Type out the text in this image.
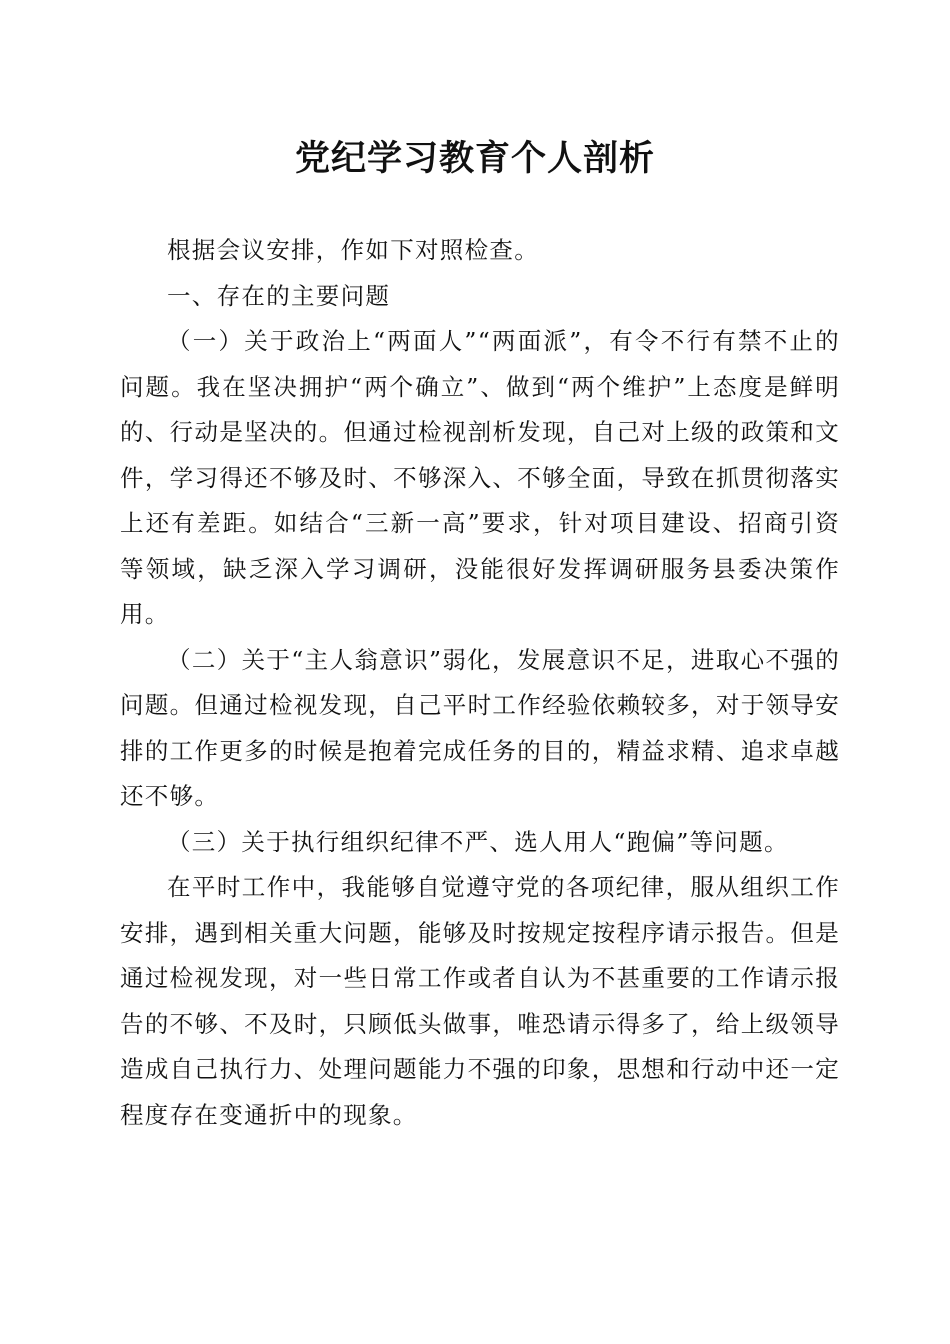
党纪学习教育个人剖析

根据会议安排，作如下对照检查。

一、存在的主要问题

（一）关于政治上“两面人”“两面派”，有令不行有禁不止的问题。我在坚决拥护“两个确立”、做到“两个维护”上态度是鲜明的、行动是坚决的。但通过检视剖析发现，自己对上级的政策和文件，学习得还不够及时、不够深入、不够全面，导致在抓贯彻落实上还有差距。如结合“三新一高”要求，针对项目建设、招商引资等领域，缺乏深入学习调研，没能很好发挥调研服务县委决策作用。

（二）关于“主人翁意识”弱化，发展意识不足，进取心不强的问题。但通过检视发现，自己平时工作经验依赖较多，对于领导安排的工作更多的时候是抱着完成任务的目的，精益求精、追求卓越还不够。

（三）关于执行组织纪律不严、选人用人“跑偏”等问题。

在平时工作中，我能够自觉遵守党的各项纪律，服从组织工作安排，遇到相关重大问题，能够及时按规定按程序请示报告。但是通过检视发现，对一些日常工作或者自认为不甚重要的工作请示报告的不够、不及时，只顾低头做事，唯恐请示得多了，给上级领导造成自己执行力、处理问题能力不强的印象，思想和行动中还一定程度存在变通折中的现象。
